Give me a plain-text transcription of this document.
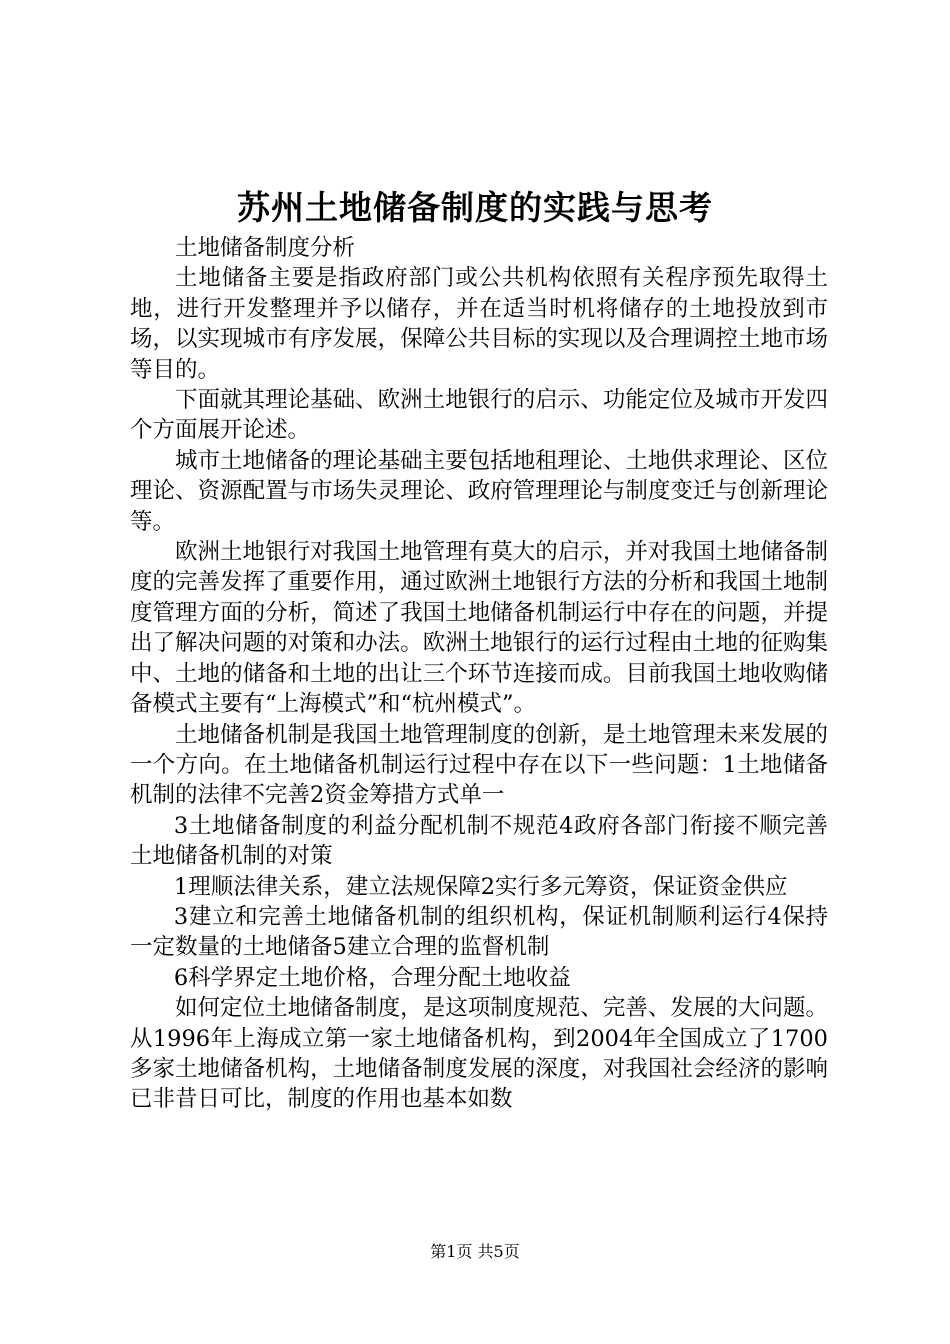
苏州土地储备制度的实践与思考

土地储备制度分析

土地储备主要是指政府部门或公共机构依照有关程序预先取得土地，进行开发整理并予以储存，并在适当时机将储存的土地投放到市场，以实现城市有序发展，保障公共目标的实现以及合理调控土地市场等目的。

下面就其理论基础、欧洲土地银行的启示、功能定位及城市开发四个方面展开论述。

城市土地储备的理论基础主要包括地租理论、土地供求理论、区位理论、资源配置与市场失灵理论、政府管理理论与制度变迁与创新理论等。

欧洲土地银行对我国土地管理有莫大的启示，并对我国土地储备制度的完善发挥了重要作用，通过欧洲土地银行方法的分析和我国土地制度管理方面的分析，简述了我国土地储备机制运行中存在的问题，并提出了解决问题的对策和办法。欧洲土地银行的运行过程由土地的征购集中、土地的储备和土地的出让三个环节连接而成。目前我国土地收购储备模式主要有“上海模式”和“杭州模式”。

土地储备机制是我国土地管理制度的创新，是土地管理未来发展的一个方向。在土地储备机制运行过程中存在以下一些问题：1土地储备机制的法律不完善2资金筹措方式单一

3土地储备制度的利益分配机制不规范4政府各部门衔接不顺完善土地储备机制的对策

1理顺法律关系，建立法规保障2实行多元筹资，保证资金供应

3建立和完善土地储备机制的组织机构，保证机制顺利运行4保持一定数量的土地储备5建立合理的监督机制

6科学界定土地价格，合理分配土地收益

如何定位土地储备制度，是这项制度规范、完善、发展的大问题。从1996年上海成立第一家土地储备机构，到2004年全国成立了1700多家土地储备机构，土地储备制度发展的深度，对我国社会经济的影响已非昔日可比，制度的作用也基本如数

第1页 共5页
